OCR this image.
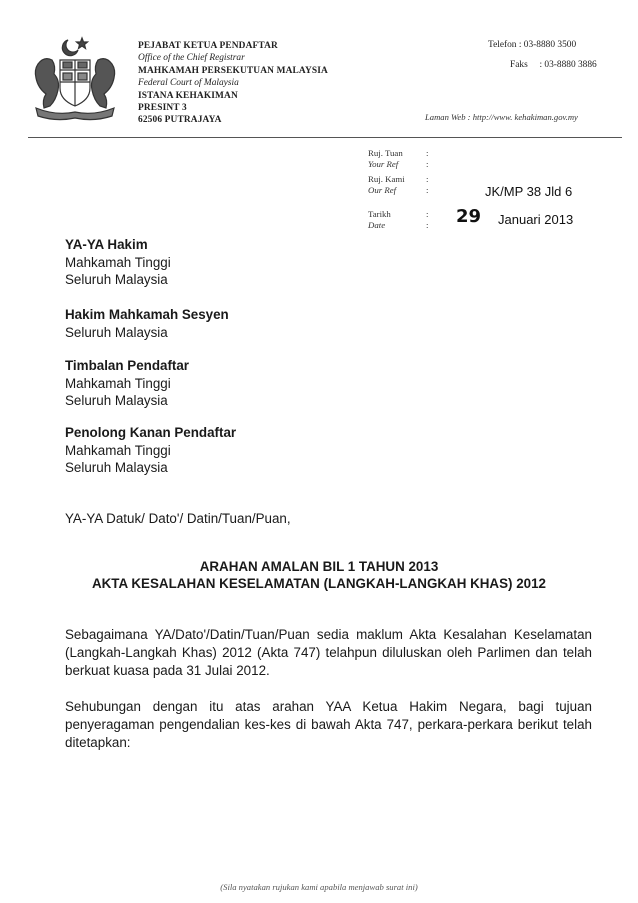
PEJABAT KETUA PENDAFTAR
Office of the Chief Registrar
MAHKAMAH PERSEKUTUAN MALAYSIA
Federal Court of Malaysia
ISTANA KEHAKIMAN
PRESINT 3
62506 PUTRAJAYA
Telefon : 03-8880 3500
Faks     : 03-8880 3886
Laman Web : http://www. kehakiman.gov.my
Ruj. Tuan	:
Your Ref	:
Ruj. Kami :
Our Ref	:	JK/MP 38 Jld 6
Tarikh	:
Date	: 29 Januari 2013
YA-YA Hakim
Mahkamah Tinggi
Seluruh Malaysia
Hakim Mahkamah Sesyen
Seluruh Malaysia
Timbalan Pendaftar
Mahkamah Tinggi
Seluruh Malaysia
Penolong Kanan Pendaftar
Mahkamah Tinggi
Seluruh Malaysia
YA-YA Datuk/ Dato'/ Datin/Tuan/Puan,
ARAHAN AMALAN BIL 1 TAHUN 2013
AKTA KESALAHAN KESELAMATAN (LANGKAH-LANGKAH KHAS) 2012
Sebagaimana YA/Dato'/Datin/Tuan/Puan sedia maklum Akta Kesalahan Keselamatan
(Langkah-Langkah Khas) 2012 (Akta 747) telahpun diluluskan oleh Parlimen dan telah
berkuat kuasa pada 31 Julai 2012.
Sehubungan dengan itu atas arahan YAA Ketua Hakim Negara, bagi tujuan
penyeragaman pengendalian kes-kes di bawah Akta 747, perkara-perkara berikut telah
ditetapkan:
(Sila nyatakan rujukan kami apabila menjawab surat ini)
